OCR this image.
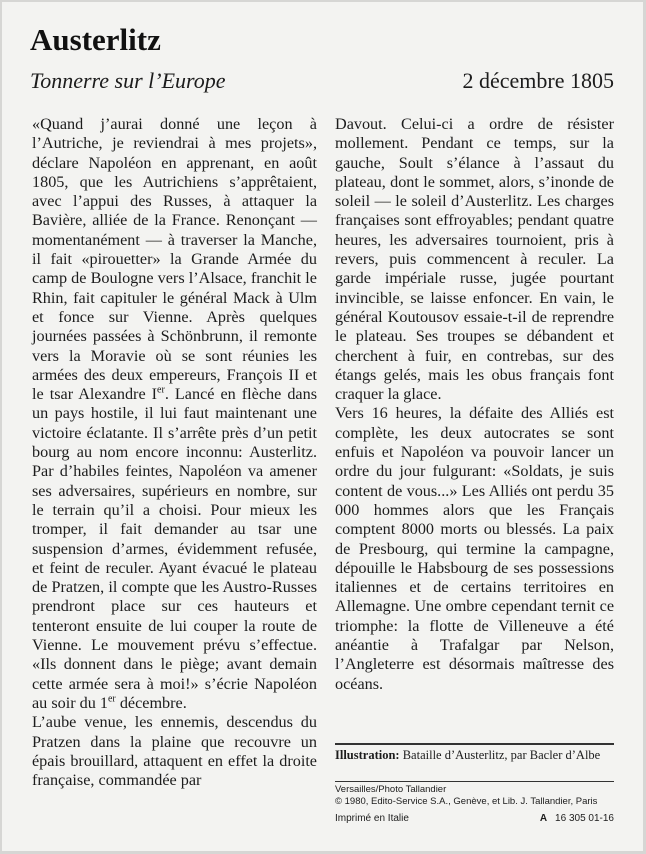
Austerlitz

Tonnerre sur l’Europe	2 décembre 1805

«Quand j’aurai donné une leçon à l’Autriche, je reviendrai à mes projets», déclare Napoléon en apprenant, en août 1805, que les Autrichiens s’apprêtaient, avec l’appui des Russes, à attaquer la Bavière, alliée de la France. Renonçant — momentanément — à traverser la Manche, il fait «pirouetter» la Grande Armée du camp de Boulogne vers l’Alsace, franchit le Rhin, fait capituler le général Mack à Ulm et fonce sur Vienne. Après quelques journées passées à Schönbrunn, il remonte vers la Moravie où se sont réunies les armées des deux empereurs, François II et le tsar Alexandre Ier. Lancé en flèche dans un pays hostile, il lui faut maintenant une victoire éclatante. Il s’arrête près d’un petit bourg au nom encore inconnu: Austerlitz. Par d’habiles feintes, Napoléon va amener ses adversaires, supérieurs en nombre, sur le terrain qu’il a choisi. Pour mieux les tromper, il fait demander au tsar une suspension d’armes, évidemment refusée, et feint de reculer. Ayant évacué le plateau de Pratzen, il compte que les Austro-Russes prendront place sur ces hauteurs et tenteront ensuite de lui couper la route de Vienne. Le mouvement prévu s’effectue. «Ils donnent dans le piège; avant demain cette armée sera à moi!» s’écrie Napoléon au soir du 1er décembre.

L’aube venue, les ennemis, descendus du Pratzen dans la plaine que recouvre un épais brouillard, attaquent en effet la droite française, commandée par

Davout. Celui-ci a ordre de résister mollement. Pendant ce temps, sur la gauche, Soult s’élance à l’assaut du plateau, dont le sommet, alors, s’inonde de soleil — le soleil d’Austerlitz. Les charges françaises sont effroyables; pendant quatre heures, les adversaires tournoient, pris à revers, puis commencent à reculer. La garde impériale russe, jugée pourtant invincible, se laisse enfoncer. En vain, le général Koutousov essaie-t-il de reprendre le plateau. Ses troupes se débandent et cherchent à fuir, en contrebas, sur des étangs gelés, mais les obus français font craquer la glace.

Vers 16 heures, la défaite des Alliés est complète, les deux autocrates se sont enfuis et Napoléon va pouvoir lancer un ordre du jour fulgurant: «Soldats, je suis content de vous...» Les Alliés ont perdu 35 000 hommes alors que les Français comptent 8000 morts ou blessés. La paix de Presbourg, qui termine la campagne, dépouille le Habsbourg de ses possessions italiennes et de certains territoires en Allemagne. Une ombre cependant ternit ce triomphe: la flotte de Villeneuve a été anéantie à Trafalgar par Nelson, l’Angleterre est désormais maîtresse des océans.

Illustration: Bataille d’Austerlitz, par Bacler d’Albe

Versailles/Photo Tallandier

© 1980, Edito-Service S.A., Genève, et Lib. J. Tallandier, Paris

Imprimé en Italie	A 16 305 01-16
